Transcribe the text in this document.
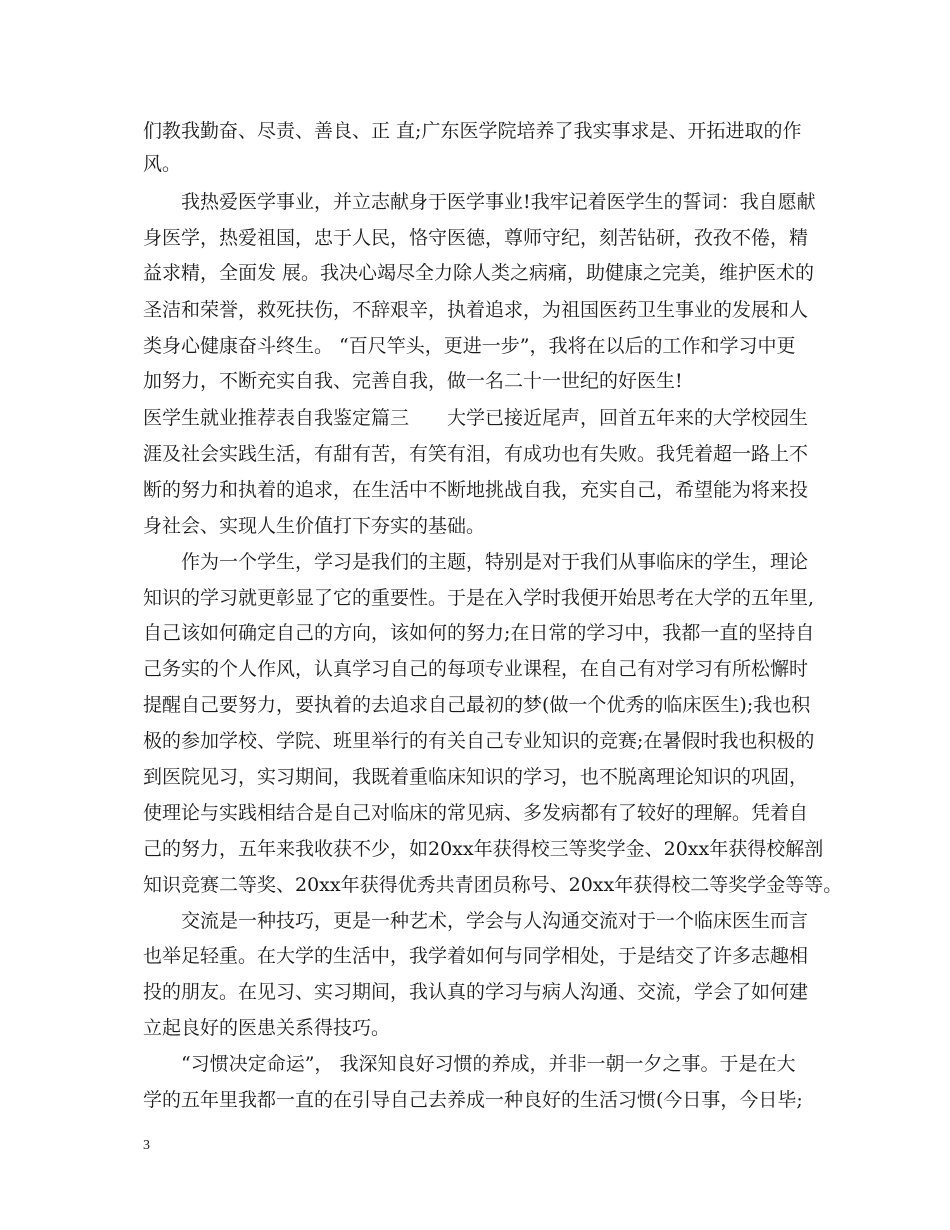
们教我勤奋、尽责、善良、正 直;广东医学院培养了我实事求是、开拓进取的作
风。
　　我热爱医学事业，并立志献身于医学事业!我牢记着医学生的誓词：我自愿献
身医学，热爱祖国，忠于人民，恪守医德，尊师守纪，刻苦钻研，孜孜不倦，精
益求精，全面发 展。我决心竭尽全力除人类之病痛，助健康之完美，维护医术的
圣洁和荣誉，救死扶伤，不辞艰辛，执着追求，为祖国医药卫生事业的发展和人
类身心健康奋斗终生。 “百尺竿头，更进一步”，我将在以后的工作和学习中更
加努力，不断充实自我、完善自我，做一名二十一世纪的好医生!
医学生就业推荐表自我鉴定篇三　　大学已接近尾声，回首五年来的大学校园生
涯及社会实践生活，有甜有苦，有笑有泪，有成功也有失败。我凭着超一路上不
断的努力和执着的追求，在生活中不断地挑战自我，充实自己，希望能为将来投
身社会、实现人生价值打下夯实的基础。
　　作为一个学生，学习是我们的主题，特别是对于我们从事临床的学生，理论
知识的学习就更彰显了它的重要性。于是在入学时我便开始思考在大学的五年里,
自己该如何确定自己的方向，该如何的努力;在日常的学习中，我都一直的坚持自
己务实的个人作风，认真学习自己的每项专业课程，在自己有对学习有所松懈时
提醒自己要努力，要执着的去追求自己最初的梦(做一个优秀的临床医生);我也积
极的参加学校、学院、班里举行的有关自己专业知识的竞赛;在暑假时我也积极的
到医院见习，实习期间，我既着重临床知识的学习，也不脱离理论知识的巩固，
使理论与实践相结合是自己对临床的常见病、多发病都有了较好的理解。凭着自
己的努力，五年来我收获不少，如20xx年获得校三等奖学金、20xx年获得校解剖
知识竞赛二等奖、20xx年获得优秀共青团员称号、20xx年获得校二等奖学金等等。
　　交流是一种技巧，更是一种艺术，学会与人沟通交流对于一个临床医生而言
也举足轻重。在大学的生活中，我学着如何与同学相处，于是结交了许多志趣相
投的朋友。在见习、实习期间，我认真的学习与病人沟通、交流，学会了如何建
立起良好的医患关系得技巧。
　　“习惯决定命运”， 我深知良好习惯的养成，并非一朝一夕之事。于是在大
学的五年里我都一直的在引导自己去养成一种良好的生活习惯(今日事，今日毕;
3
